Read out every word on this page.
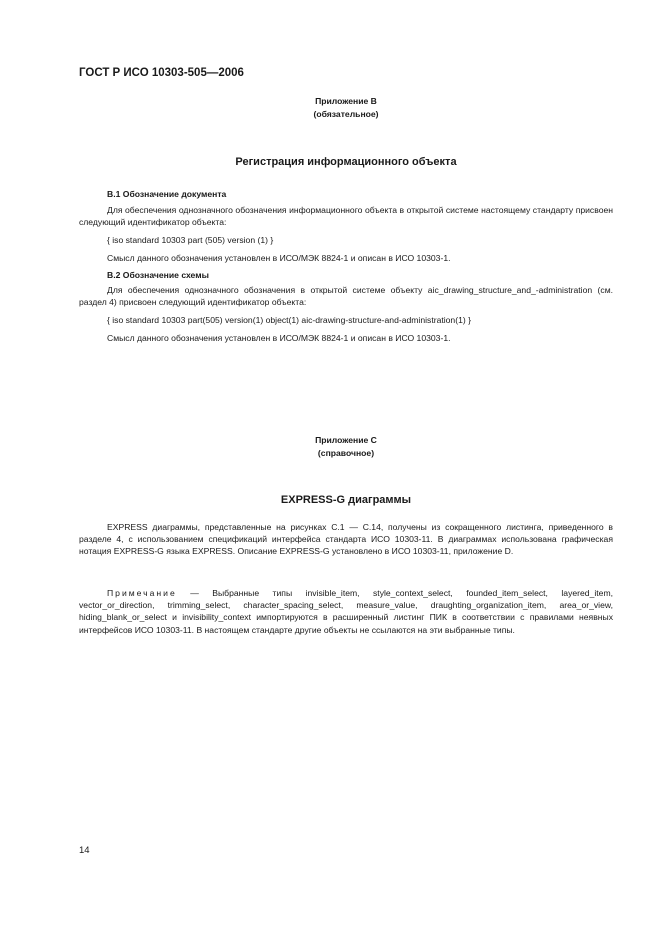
ГОСТ Р ИСО 10303-505—2006
Приложение В
(обязательное)
Регистрация информационного объекта
В.1 Обозначение документа
Для обеспечения однозначного обозначения информационного объекта в открытой системе настоящему стандарту присвоен следующий идентификатор объекта:
{ iso standard 10303 part (505) version (1) }
Смысл данного обозначения установлен в ИСО/МЭК 8824-1 и описан в ИСО 10303-1.
В.2 Обозначение схемы
Для обеспечения однозначного обозначения в открытой системе объекту aic_drawing_structure_and_-administration (см. раздел 4) присвоен следующий идентификатор объекта:
{ iso standard 10303 part(505) version(1) object(1) aic-drawing-structure-and-administration(1) }
Смысл данного обозначения установлен в ИСО/МЭК 8824-1 и описан в ИСО 10303-1.
Приложение С
(справочное)
EXPRESS-G диаграммы
EXPRESS диаграммы, представленные на рисунках С.1 — С.14, получены из сокращенного листинга, приведенного в разделе 4, с использованием спецификаций интерфейса стандарта ИСО 10303-11. В диаграммах использована графическая нотация EXPRESS-G языка EXPRESS. Описание EXPRESS-G установлено в ИСО 10303-11, приложение D.
Примечание — Выбранные типы invisible_item, style_context_select, founded_item_select, layered_item, vector_or_direction, trimming_select, character_spacing_select, measure_value, draughting_organization_item, area_or_view, hiding_blank_or_select и invisibility_context импортируются в расширенный листинг ПИК в соответствии с правилами неявных интерфейсов ИСО 10303-11. В настоящем стандарте другие объекты не ссылаются на эти выбранные типы.
14
